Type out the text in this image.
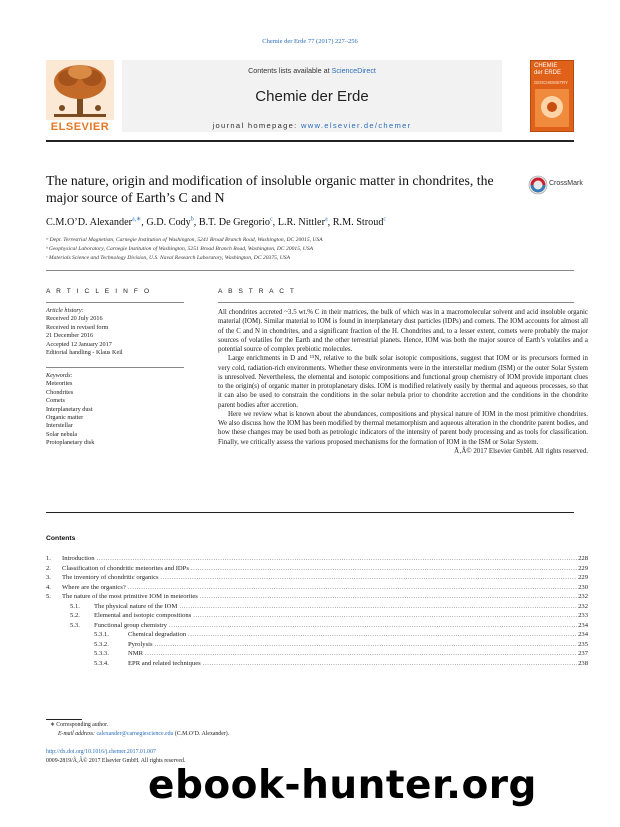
Chemie der Erde 77 (2017) 227–256
ELSEVIER
Contents lists available at ScienceDirect
Chemie der Erde
journal homepage: www.elsevier.de/chemer
CHEMIE
der ERDE
GEOCHEMISTRY
The nature, origin and modification of insoluble organic matter in chondrites, the major source of Earth’s C and N
CrossMark
C.M.O’D. Alexander$^{a,∗}$, G.D. Cody$^b$, B.T. De Gregorio$^c$, L.R. Nittler$^a$, R.M. Stroud$^c$
ᵃ Dept. Terrestrial Magnetism, Carnegie Institution of Washington, 5241 Broad Branch Road, Washington, DC 20015, USA
ᵇ Geophysical Laboratory, Carnegie Institution of Washington, 5251 Broad Branch Road, Washington, DC 20015, USA
ᶜ Materials Science and Technology Division, U.S. Naval Research Laboratory, Washington, DC 20375, USA
A R T I C L E I N F O
Article history:
Received 20 July 2016
Received in revised form
21 December 2016
Accepted 12 January 2017
Editorial handling - Klaus Keil
Keywords:
Meteorites
Chondrites
Comets
Interplanetary dust
Organic matter
Interstellar
Solar nebula
Protoplanetary disk
A B S T R A C T

All chondrites accreted ~3.5 wt.% C in their matrices, the bulk of which was in a macromolecular solvent and acid insoluble organic material (IOM). Similar material to IOM is found in interplanetary dust particles (IDPs) and comets. The IOM accounts for almost all of the C and N in chondrites, and a significant fraction of the H. Chondrites and, to a lesser extent, comets were probably the major sources of volatiles for the Earth and the other terrestrial planets. Hence, IOM was both the major source of Earth’s volatiles and a potential source of complex prebiotic molecules.

Large enrichments in D and ¹⁵N, relative to the bulk solar isotopic compositions, suggest that IOM or its precursors formed in very cold, radiation-rich environments. Whether these environments were in the interstellar medium (ISM) or the outer Solar System is unresolved. Nevertheless, the elemental and isotopic compositions and functional group chemistry of IOM provide important clues to the origin(s) of organic matter in protoplanetary disks. IOM is modified relatively easily by thermal and aqueous processes, so that it can also be used to constrain the conditions in the solar nebula prior to chondrite accretion and the conditions in the chondrite parent bodies after accretion.

Here we review what is known about the abundances, compositions and physical nature of IOM in the most primitive chondrites. We also discuss how the IOM has been modified by thermal metamorphism and aqueous alteration in the chondrite parent bodies, and how these changes may be used both as petrologic indicators of the intensity of parent body processing and as tools for classification. Finally, we critically assess the various proposed mechanisms for the formation of IOM in the ISM or Solar System.

Ã‚Â© 2017 Elsevier GmbH. All rights reserved.
Contents
1.	Introduction .....	228
2.	Classification of chondritic meteorites and IDPs .....	229
3.	The inventory of chondritic organics .....	229
4.	Where are the organics? .....	230
5.	The nature of the most primitive IOM in meteorites .....	232
5.1.	The physical nature of the IOM .....	232
5.2.	Elemental and isotopic compositions .....	233
5.3.	Functional group chemistry .....	234
5.3.1.	Chemical degradation .....	234
5.3.2.	Pyrolysis .....	235
5.3.3.	NMR .....	237
5.3.4.	EPR and related techniques .....	238
∗ Corresponding author.
E-mail address: calexander@carnegiescience.edu (C.M.O’D. Alexander).
http://dx.doi.org/10.1016/j.chemer.2017.01.007
0009-2819/Ã‚Â© 2017 Elsevier GmbH. All rights reserved.
ebook-hunter.org
